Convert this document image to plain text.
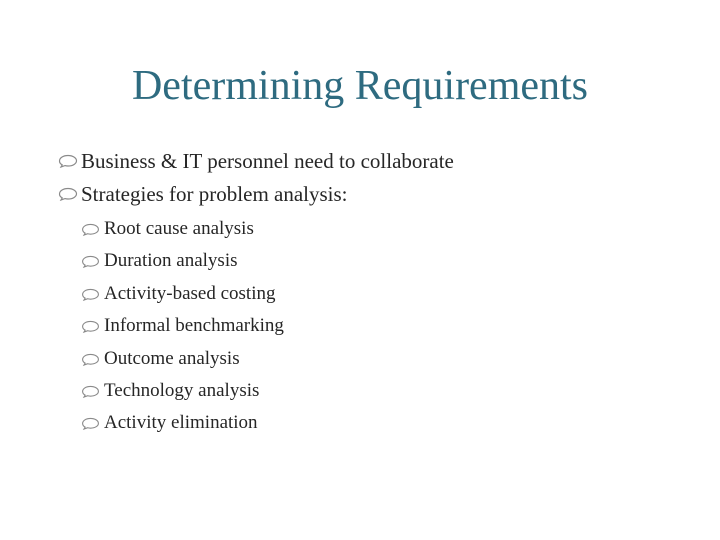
Determining Requirements
Business & IT personnel need to collaborate
Strategies for problem analysis:
Root cause analysis
Duration analysis
Activity-based costing
Informal benchmarking
Outcome analysis
Technology analysis
Activity elimination
